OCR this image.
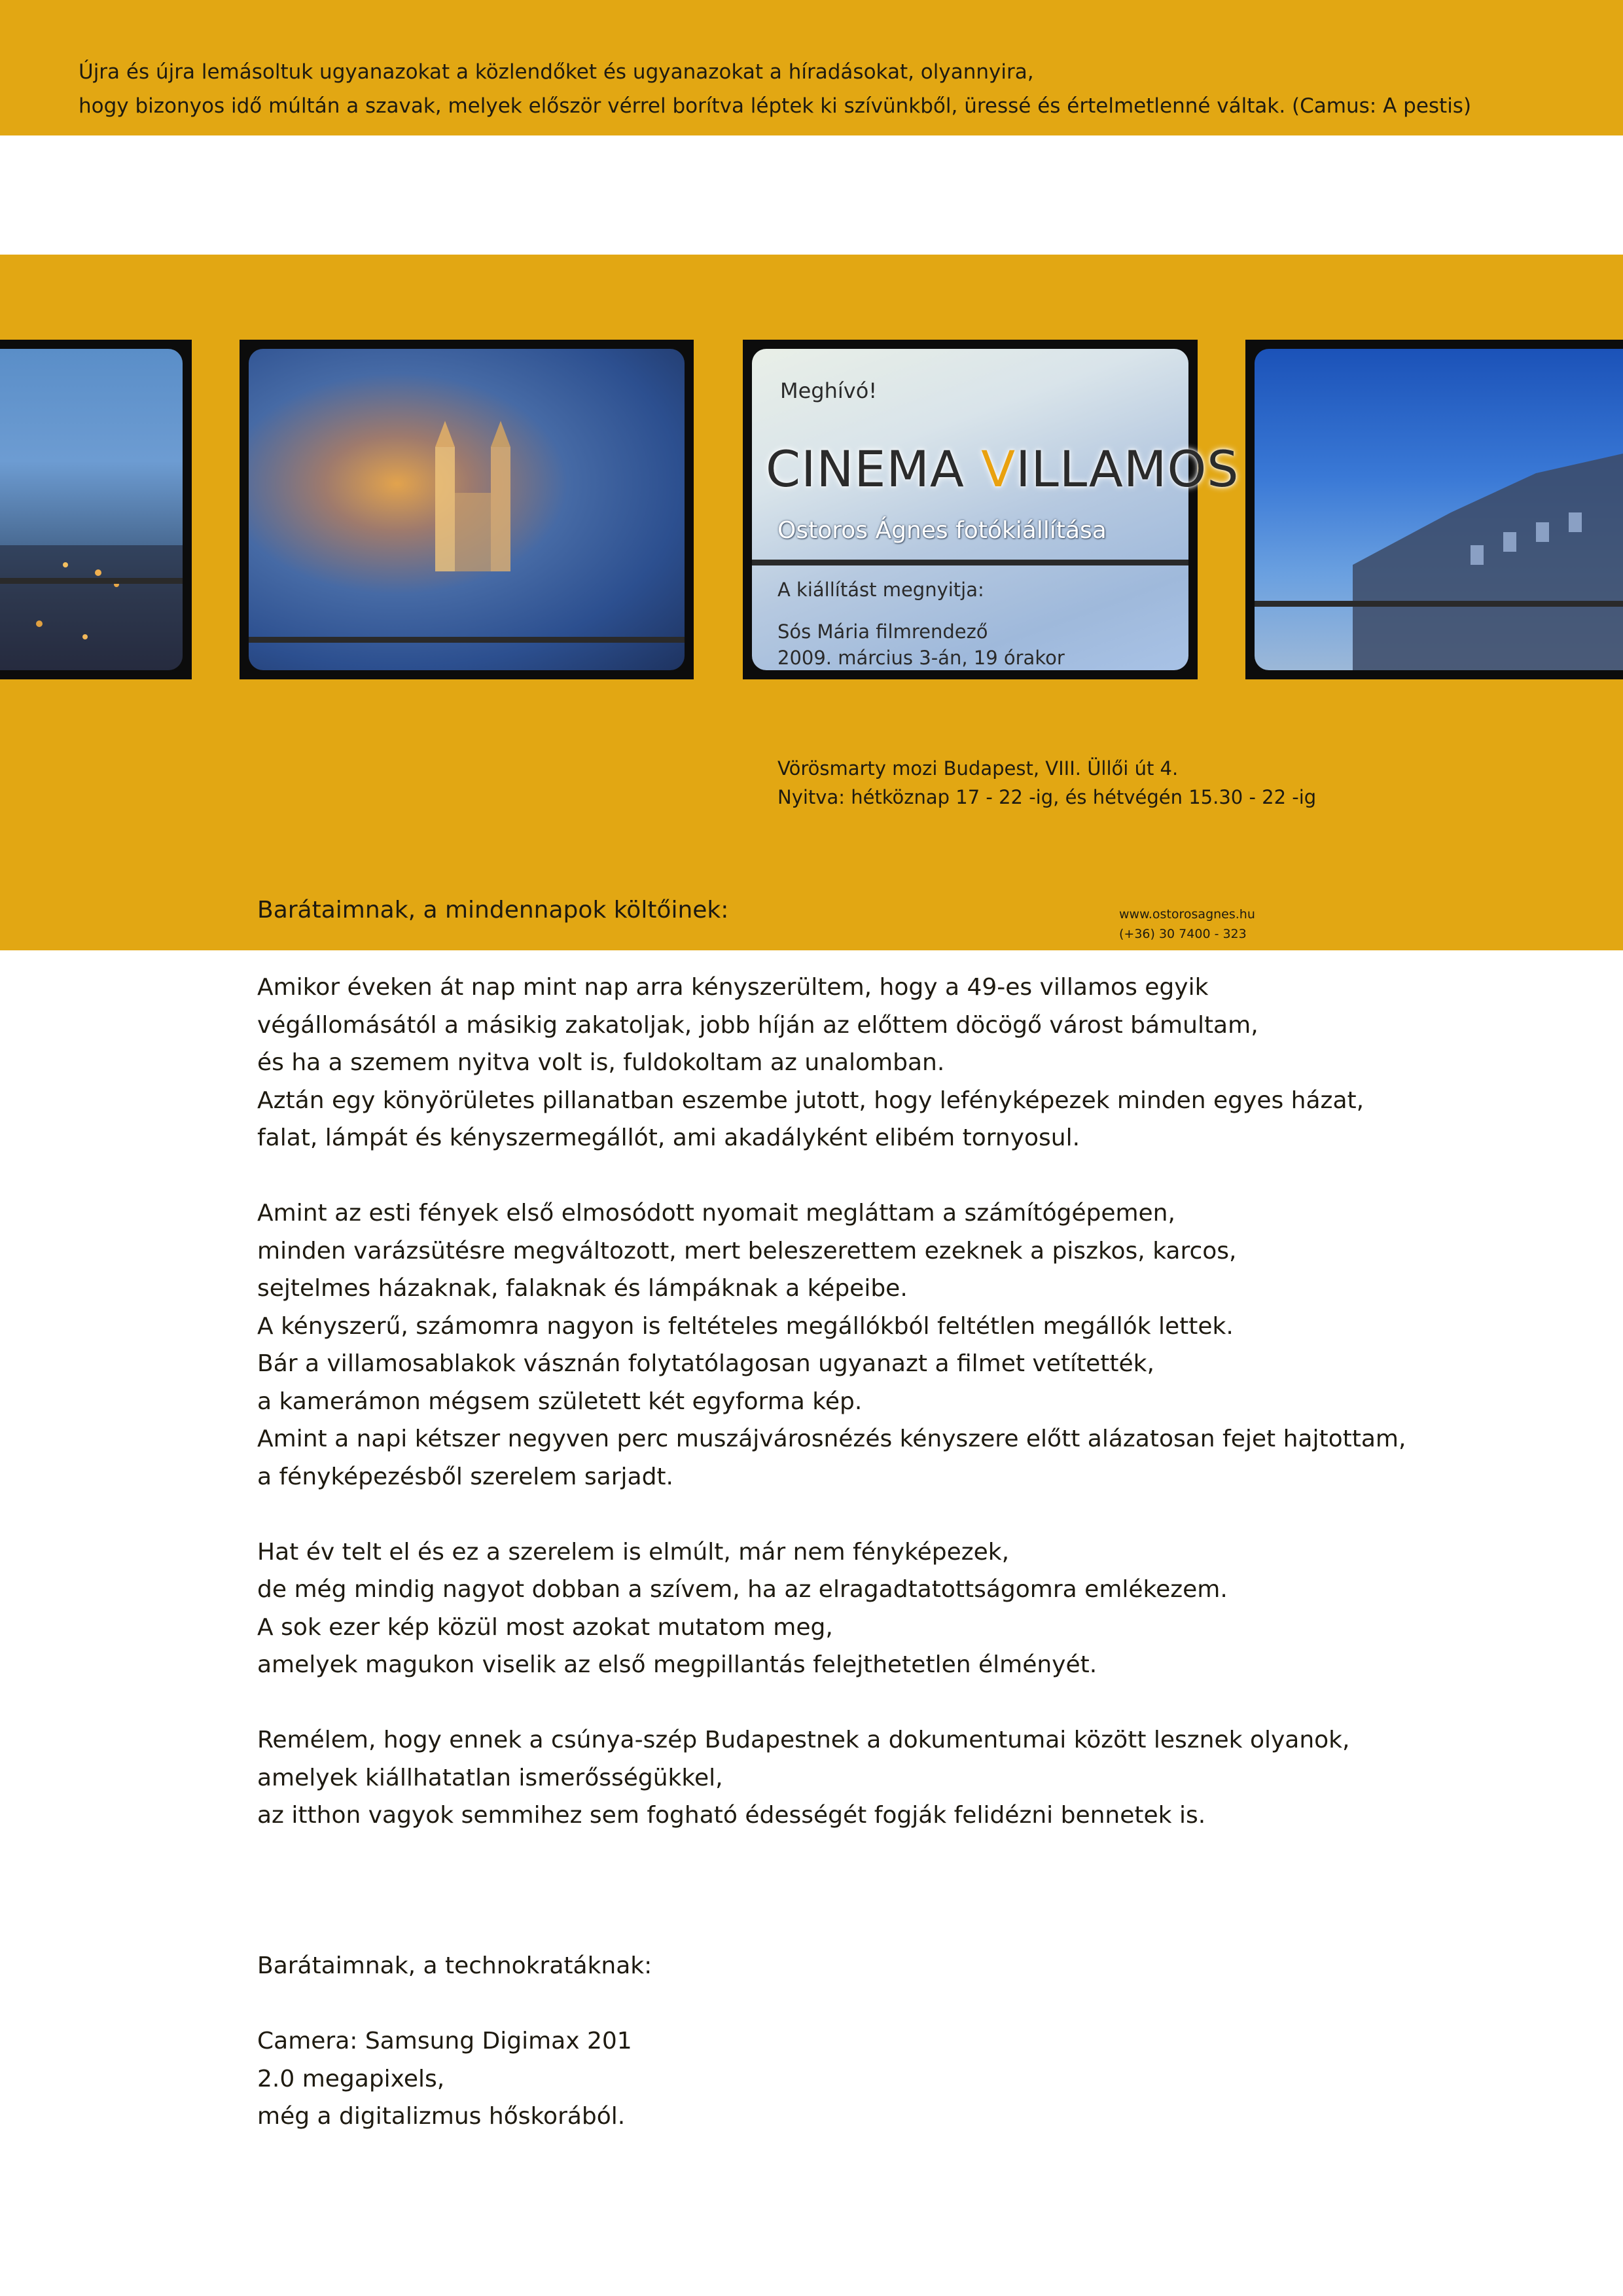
Újra és újra lemásoltuk ugyanazokat a közlendőket és ugyanazokat a híradásokat, olyannyira,
hogy bizonyos idő múltán a szavak, melyek először vérrel borítva léptek ki szívünkből, üressé és értelmetlenné váltak. (Camus: A pestis)
Meghívó!
CINEMA VILLAMOS
Ostoros Ágnes fotókiállítása
A kiállítást megnyitja:
Sós Mária filmrendező
2009. március 3-án, 19 órakor
Vörösmarty mozi Budapest, VIII. Üllői út 4.
Nyitva: hétköznap 17 - 22 -ig, és hétvégén 15.30 - 22 -ig
Barátaimnak, a mindennapok költőinek:	www.ostorosagnes.hu
(+36) 30 7400 - 323
Amikor éveken át nap mint nap arra kényszerültem, hogy a 49-es villamos egyik
végállomásától a másikig zakatoljak, jobb híján az előttem döcögő várost bámultam,
és ha a szemem nyitva volt is, fuldokoltam az unalomban.
Aztán egy könyörületes pillanatban eszembe jutott, hogy lefényképezek minden egyes házat,
falat, lámpát és kényszermegállót, ami akadályként elibém tornyosul.
Amint az esti fények első elmosódott nyomait megláttam a számítógépemen,
minden varázsütésre megváltozott, mert beleszerettem ezeknek a piszkos, karcos,
sejtelmes házaknak, falaknak és lámpáknak a képeibe.
A kényszerű, számomra nagyon is feltételes megállókból feltétlen megállók lettek.
Bár a villamosablakok vásznán folytatólagosan ugyanazt a filmet vetítették,
a kamerámon mégsem született két egyforma kép.
Amint a napi kétszer negyven perc muszájvárosnézés kényszere előtt alázatosan fejet hajtottam,
a fényképezésből szerelem sarjadt.
Hat év telt el és ez a szerelem is elmúlt, már nem fényképezek,
de még mindig nagyot dobban a szívem, ha az elragadtatottságomra emlékezem.
A sok ezer kép közül most azokat mutatom meg,
amelyek magukon viselik az első megpillantás felejthetetlen élményét.
Remélem, hogy ennek a csúnya-szép Budapestnek a dokumentumai között lesznek olyanok,
amelyek kiállhatatlan ismerősségükkel,
az itthon vagyok semmihez sem fogható édességét fogják felidézni bennetek is.
Barátaimnak, a technokratáknak:
Camera: Samsung Digimax 201
2.0 megapixels,
még a digitalizmus hőskorából.
